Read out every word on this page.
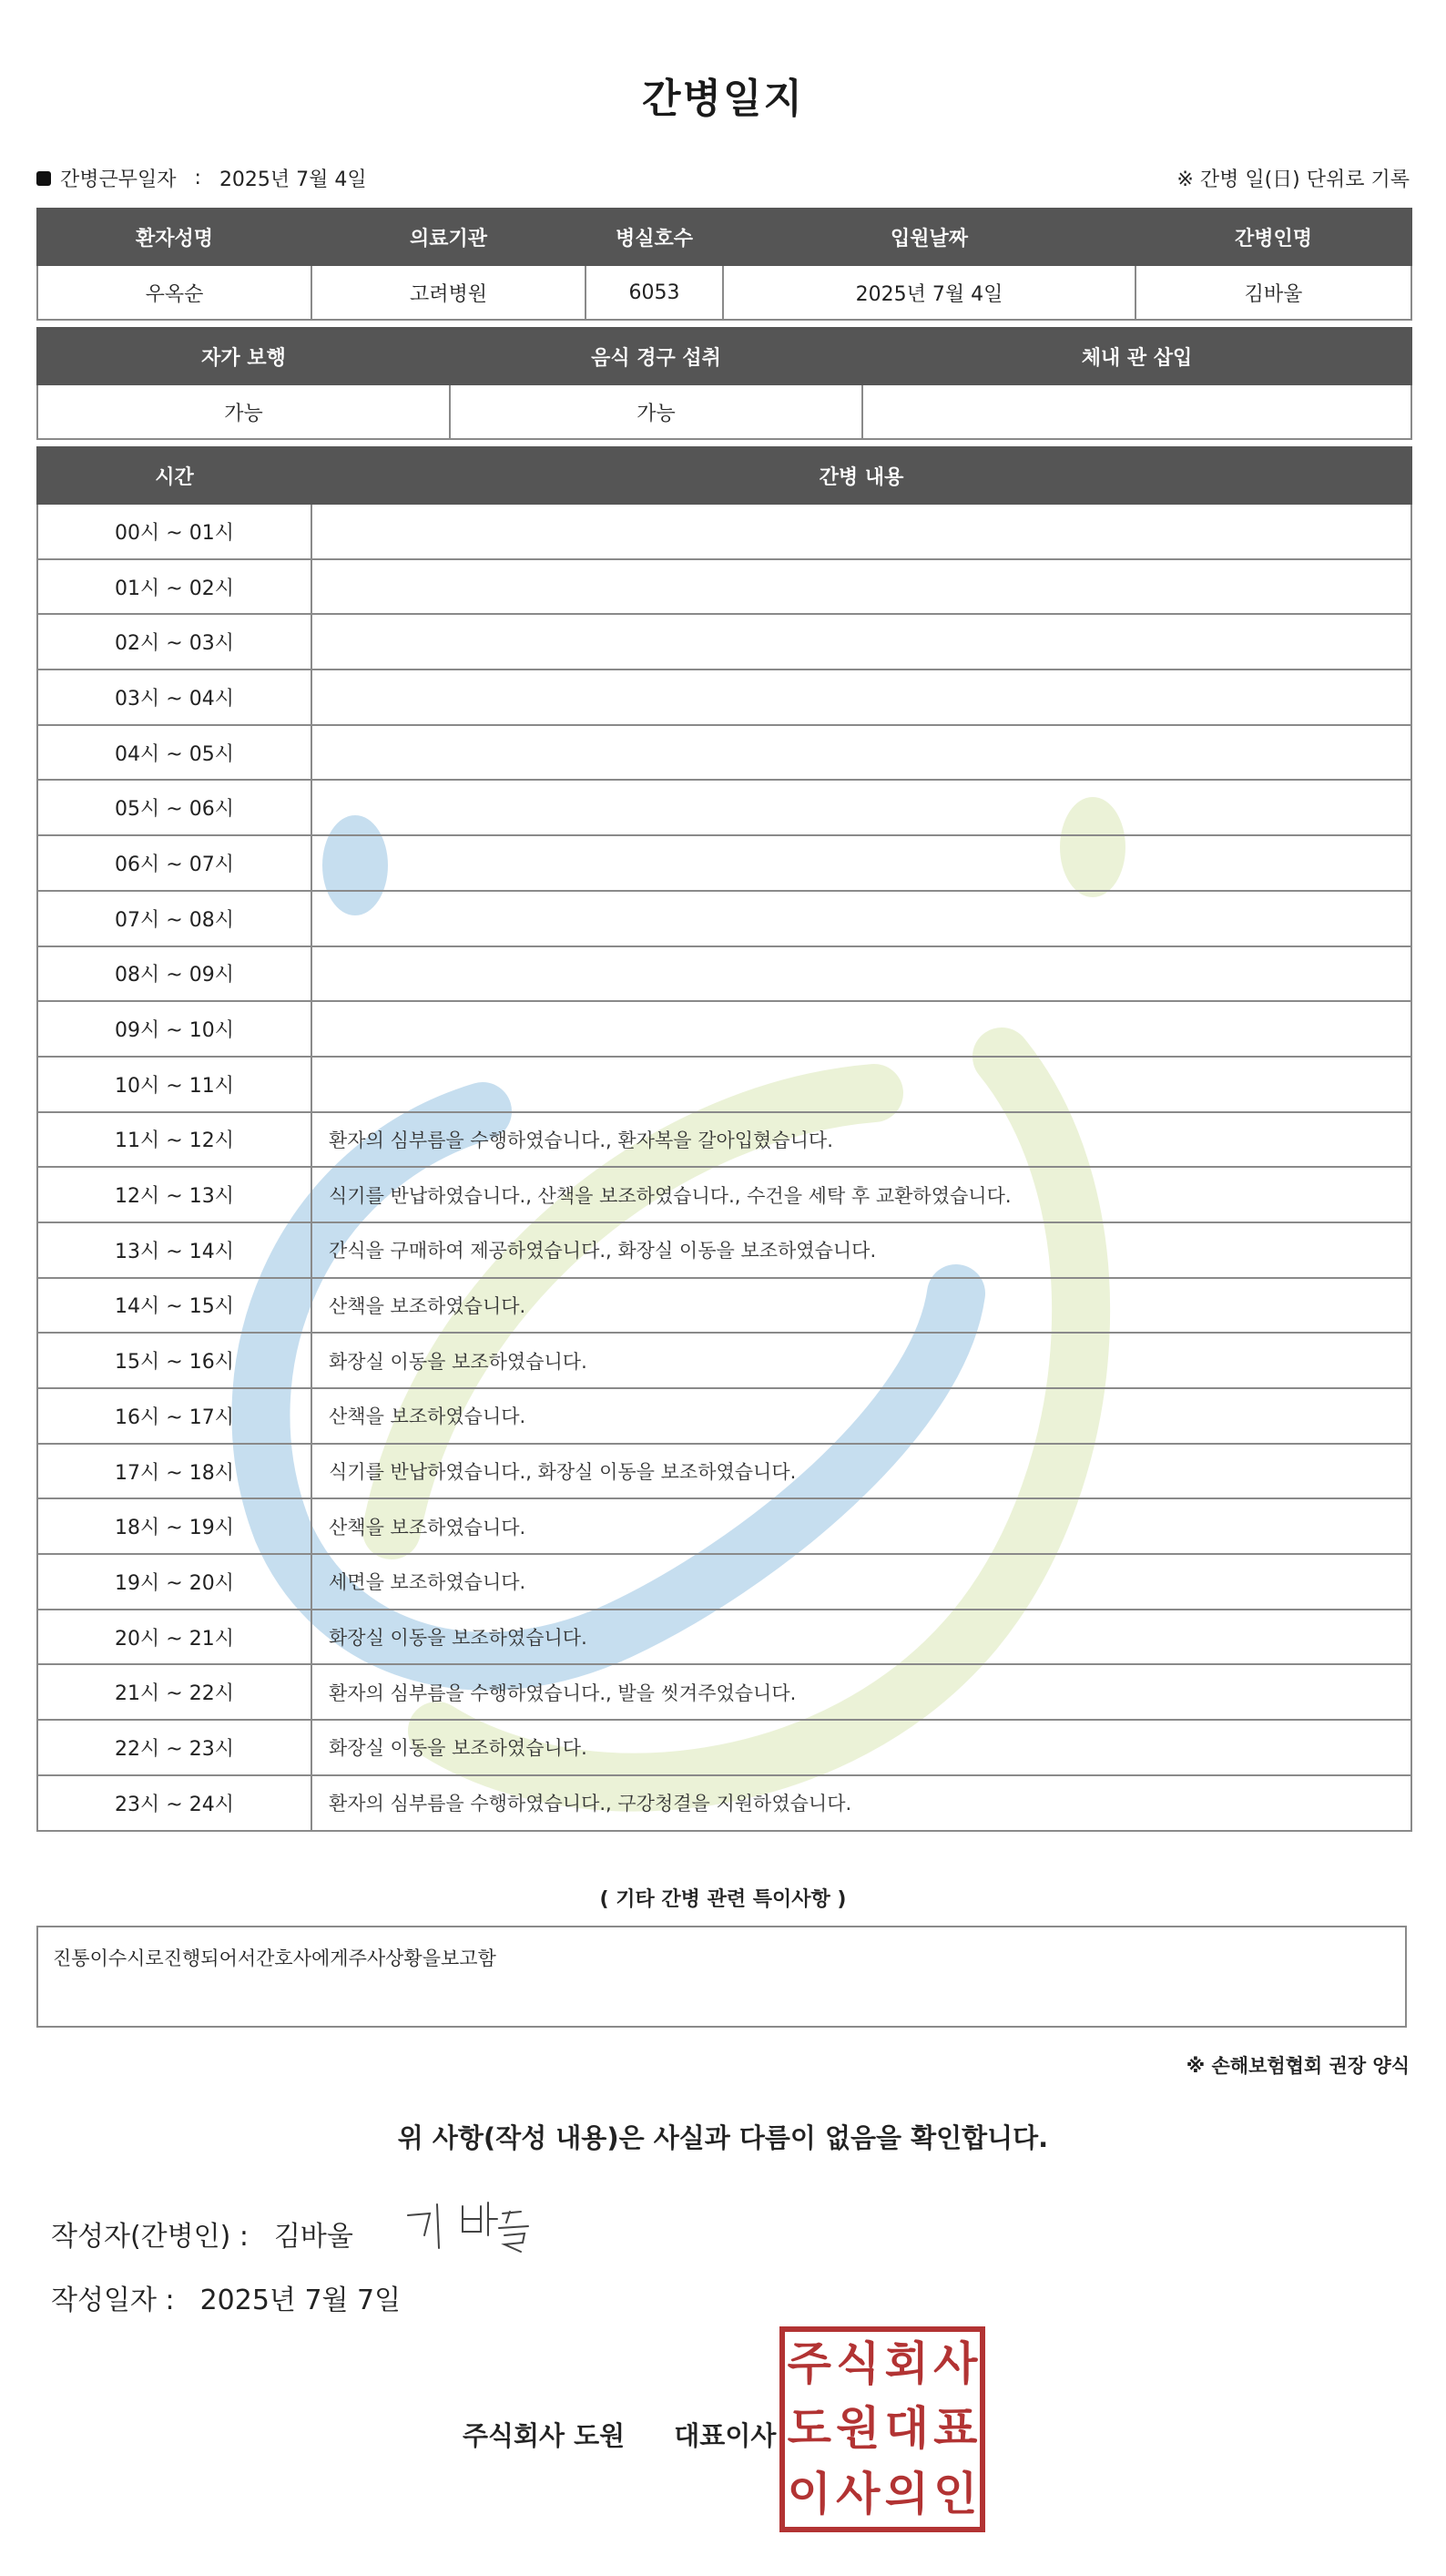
간병일지
간병근무일자 : 2025년 7월 4일	※ 간병 일(日) 단위로 기록
환자성명	의료기관	병실호수	입원날짜	간병인명
우옥순	고려병원	6053	2025년 7월 4일	김바울
자가 보행	음식 경구 섭취	체내 관 삽입
가능	가능	
시간	간병 내용
00시 ~ 01시	
01시 ~ 02시	
02시 ~ 03시	
03시 ~ 04시	
04시 ~ 05시	
05시 ~ 06시	
06시 ~ 07시	
07시 ~ 08시	
08시 ~ 09시	
09시 ~ 10시	
10시 ~ 11시	
11시 ~ 12시	환자의 심부름을 수행하였습니다., 환자복을 갈아입혔습니다.
12시 ~ 13시	식기를 반납하였습니다., 산책을 보조하였습니다., 수건을 세탁 후 교환하였습니다.
13시 ~ 14시	간식을 구매하여 제공하였습니다., 화장실 이동을 보조하였습니다.
14시 ~ 15시	산책을 보조하였습니다.
15시 ~ 16시	화장실 이동을 보조하였습니다.
16시 ~ 17시	산책을 보조하였습니다.
17시 ~ 18시	식기를 반납하였습니다., 화장실 이동을 보조하였습니다.
18시 ~ 19시	산책을 보조하였습니다.
19시 ~ 20시	세면을 보조하였습니다.
20시 ~ 21시	화장실 이동을 보조하였습니다.
21시 ~ 22시	환자의 심부름을 수행하였습니다., 발을 씻겨주었습니다.
22시 ~ 23시	화장실 이동을 보조하였습니다.
23시 ~ 24시	환자의 심부름을 수행하였습니다., 구강청결을 지원하였습니다.
( 기타 간병 관련 특이사항 )
진통이수시로진행되어서간호사에게주사상황을보고함
※ 손해보험협회 권장 양식
위 사항(작성 내용)은 사실과 다름이 없음을 확인합니다.
작성자(간병인) : 김바울
작성일자 : 2025년 7월 7일
주식회사 도원 대표이사
주 식 회 사
도 원 대 표
이 사 의 인
